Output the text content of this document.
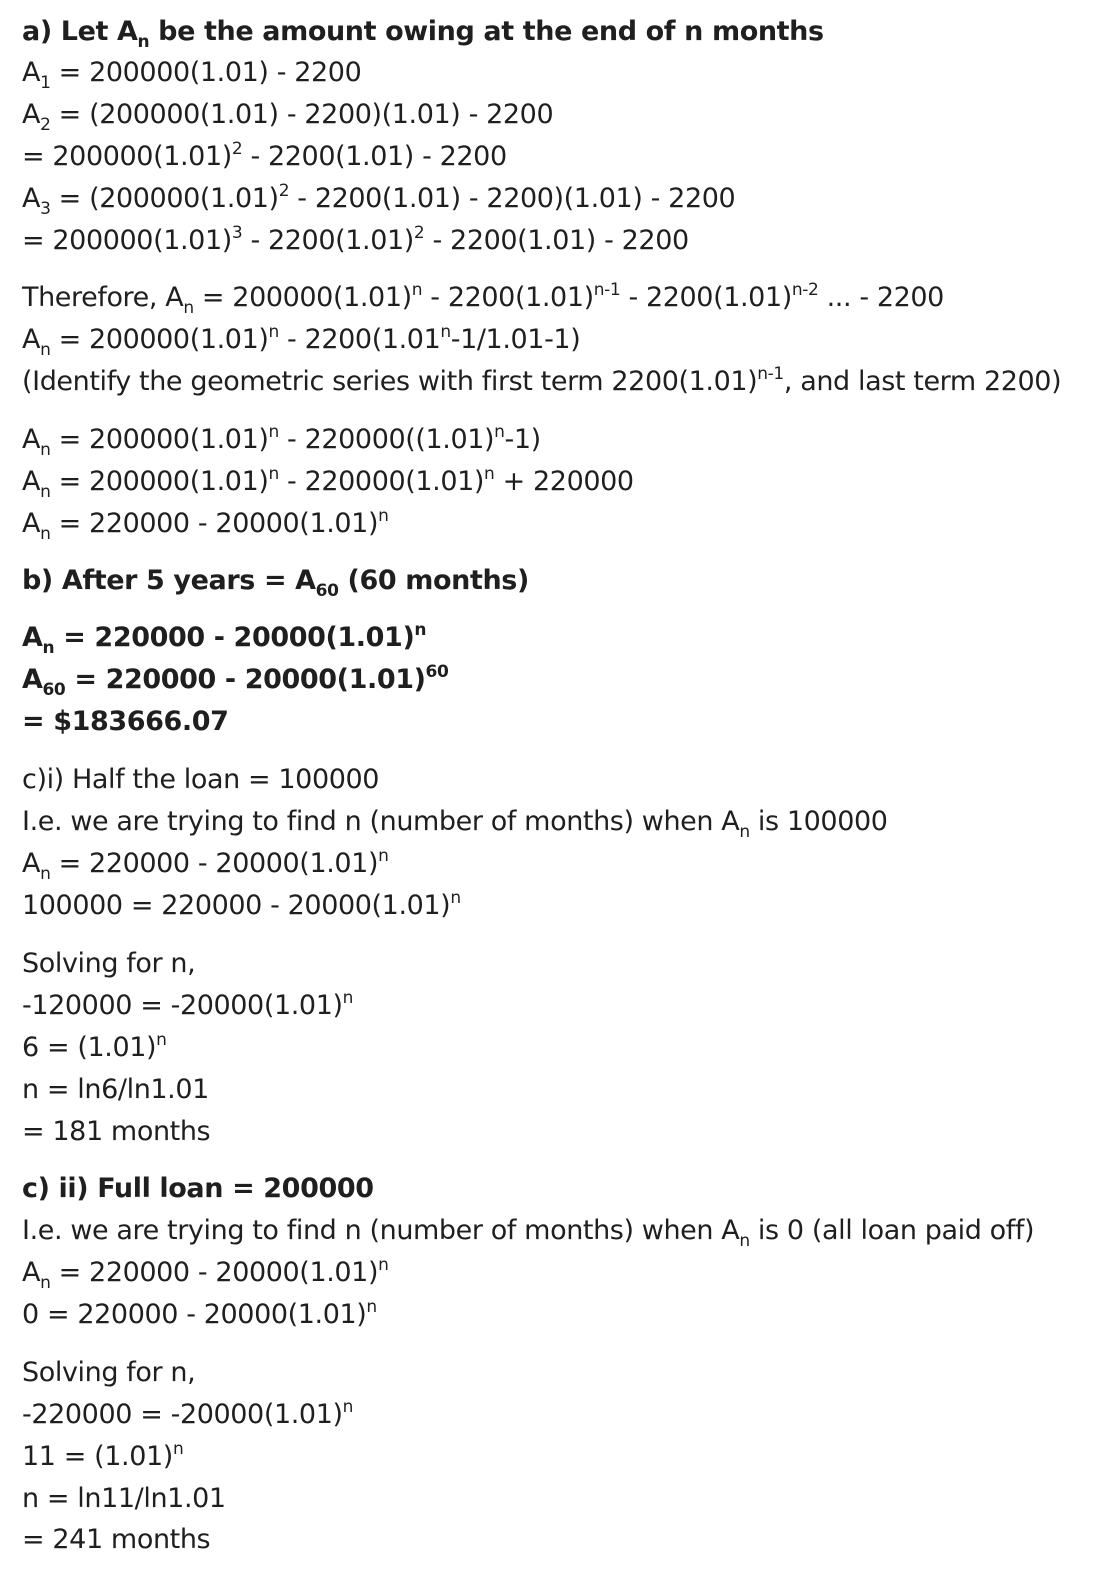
a) Let $A_n$ be the amount owing at the end of n months
$A_1 = 200000(1.01) - 2200$
$A_2 = (200000(1.01) - 2200)(1.01) - 2200$
= $200000(1.01)^2 - 2200(1.01) - 2200$
$A_3 = (200000(1.01)^2 - 2200(1.01) - 2200)(1.01) - 2200$
= $200000(1.01)^3 - 2200(1.01)^2 - 2200(1.01) - 2200$
Therefore, $A_n = 200000(1.01)^n - 2200(1.01)^{n-1} - 2200(1.01)^{n-2}$ ... - 2200
$A_n = 200000(1.01)^n - 2200(1.01^n-1/1.01-1)$
(Identify the geometric series with first term $2200(1.01)^{n-1}$, and last term 2200)
$A_n = 200000(1.01)^n - 220000((1.01)^n-1)$
$A_n = 200000(1.01)^n - 220000(1.01)^n + 220000$
$A_n = 220000 - 20000(1.01)^n$
b) After 5 years = $A_{60}$ (60 months)
$A_n = 220000 - 20000(1.01)^n$
$A_{60} = 220000 - 20000(1.01)^{60}$
= $183666.07
c)i) Half the loan = 100000
I.e. we are trying to find n (number of months) when $A_n$ is 100000
$A_n = 220000 - 20000(1.01)^n$
$100000 = 220000 - 20000(1.01)^n$
Solving for n,
$-120000 = -20000(1.01)^n$
$6 = (1.01)^n$
n = ln6/ln1.01
= 181 months
c) ii) Full loan = 200000
I.e. we are trying to find n (number of months) when $A_n$ is 0 (all loan paid off)
$A_n = 220000 - 20000(1.01)^n$
$0 = 220000 - 20000(1.01)^n$
Solving for n,
$-220000 = -20000(1.01)^n$
$11 = (1.01)^n$
n = ln11/ln1.01
= 241 months
